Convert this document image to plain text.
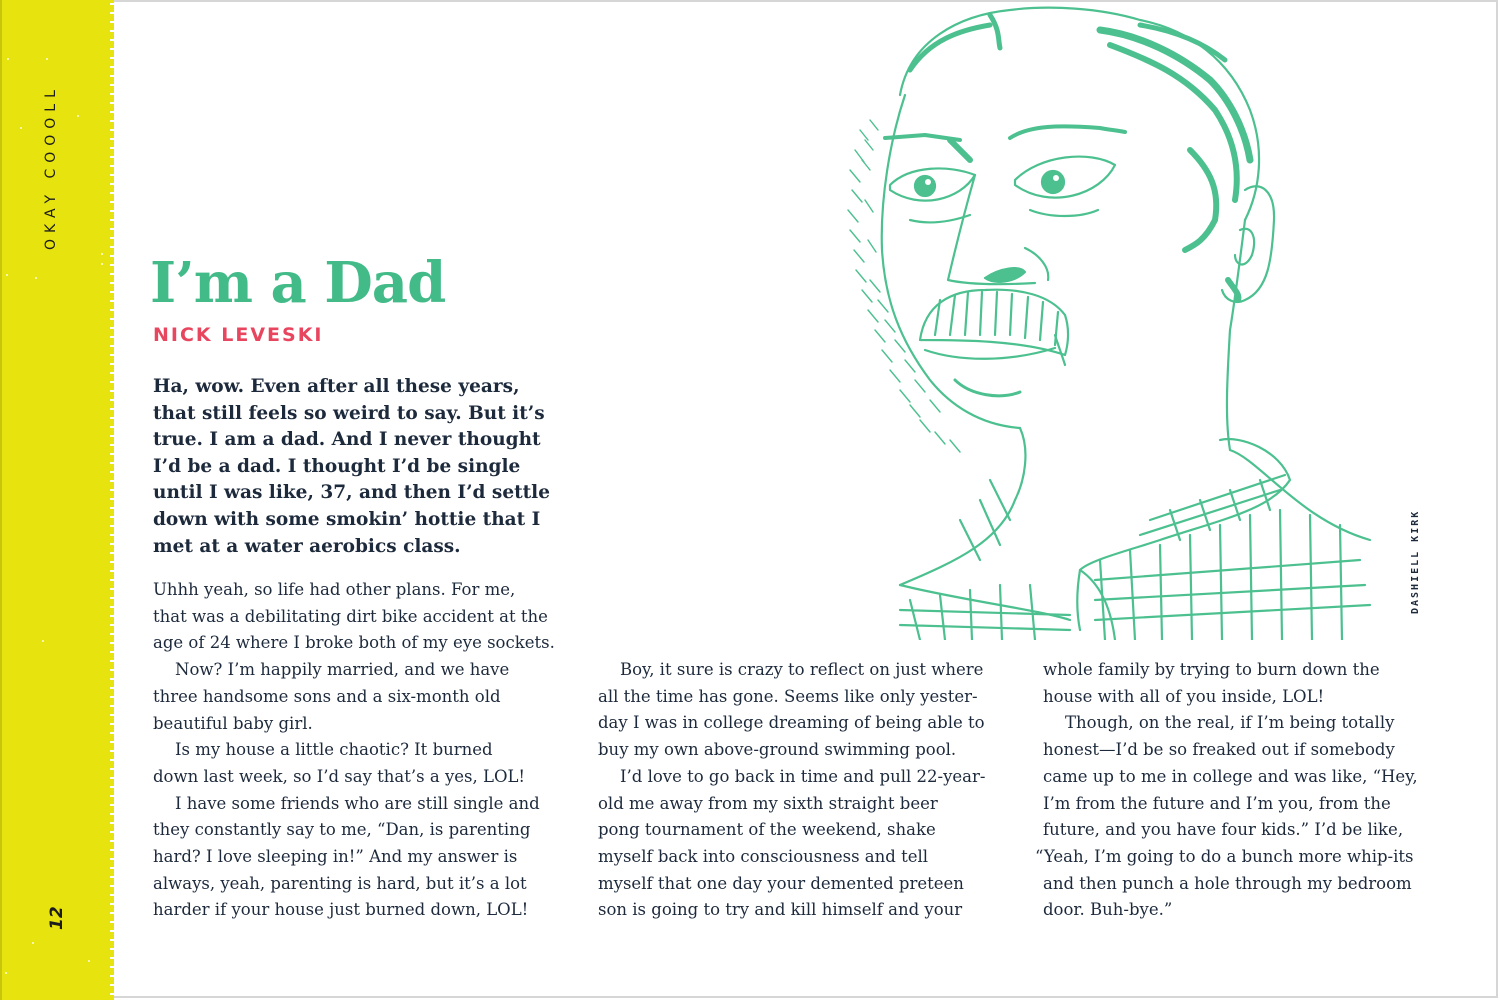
OKAY COOOLL
12
I’m a Dad
NICK LEVESKI
Ha, wow. Even after all these years,
that still feels so weird to say. But it’s
true. I am a dad. And I never thought
I’d be a dad. I thought I’d be single
until I was like, 37, and then I’d settle
down with some smokin’ hottie that I
met at a water aerobics class.
Uhhh yeah, so life had other plans. For me,
that was a debilitating dirt bike accident at the
age of 24 where I broke both of my eye sockets.
Now? I’m happily married, and we have
three handsome sons and a six-month old
beautiful baby girl.
Is my house a little chaotic? It burned
down last week, so I’d say that’s a yes, LOL!
I have some friends who are still single and
they constantly say to me, “Dan, is parenting
hard? I love sleeping in!” And my answer is
always, yeah, parenting is hard, but it’s a lot
harder if your house just burned down, LOL!
Boy, it sure is crazy to reflect on just where
all the time has gone. Seems like only yester-
day I was in college dreaming of being able to
buy my own above-ground swimming pool.
I’d love to go back in time and pull 22-year-
old me away from my sixth straight beer
pong tournament of the weekend, shake
myself back into consciousness and tell
myself that one day your demented preteen
son is going to try and kill himself and your
whole family by trying to burn down the
house with all of you inside, LOL!
Though, on the real, if I’m being totally
honest—I’d be so freaked out if somebody
came up to me in college and was like, “Hey,
I’m from the future and I’m you, from the
future, and you have four kids.” I’d be like,
“Yeah, I’m going to do a bunch more whip-its
and then punch a hole through my bedroom
door. Buh-bye.”
DASHIELL KIRK
